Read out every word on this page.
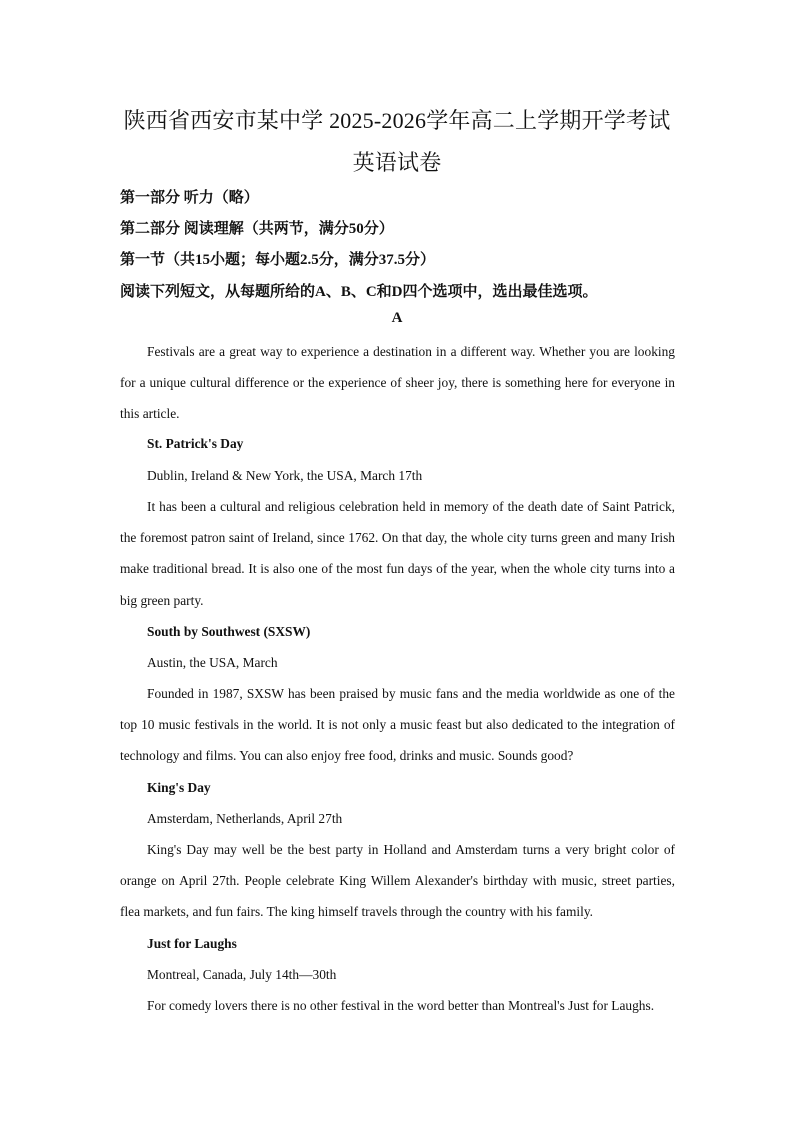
陕西省西安市某中学 2025-2026学年高二上学期开学考试
英语试卷
第一部分 听力（略）
第二部分 阅读理解（共两节，满分50分）
第一节（共15小题；每小题2.5分，满分37.5分）
阅读下列短文，从每题所给的A、B、C和D四个选项中，选出最佳选项。
A

Festivals are a great way to experience a destination in a different way. Whether you are looking for a unique cultural difference or the experience of sheer joy, there is something here for everyone in this article.

St. Patrick's Day
Dublin, Ireland & New York, the USA, March 17th

It has been a cultural and religious celebration held in memory of the death date of Saint Patrick, the foremost patron saint of Ireland, since 1762. On that day, the whole city turns green and many Irish make traditional bread. It is also one of the most fun days of the year, when the whole city turns into a big green party.

South by Southwest (SXSW)
Austin, the USA, March

Founded in 1987, SXSW has been praised by music fans and the media worldwide as one of the top 10 music festivals in the world. It is not only a music feast but also dedicated to the integration of technology and films. You can also enjoy free food, drinks and music. Sounds good?

King's Day
Amsterdam, Netherlands, April 27th

King's Day may well be the best party in Holland and Amsterdam turns a very bright color of orange on April 27th. People celebrate King Willem Alexander's birthday with music, street parties, flea markets, and fun fairs. The king himself travels through the country with his family.

Just for Laughs
Montreal, Canada, July 14th—30th

For comedy lovers there is no other festival in the word better than Montreal's Just for Laughs.
